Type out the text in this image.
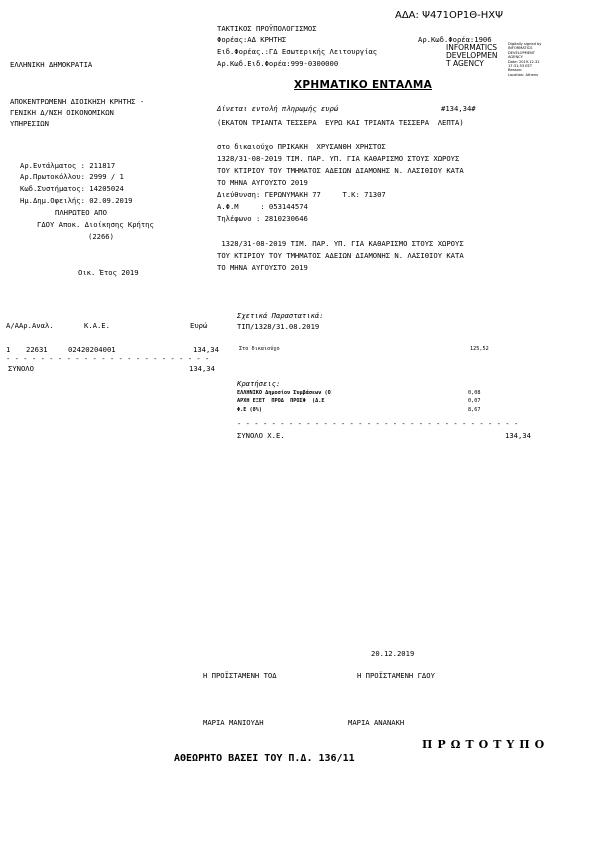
ΑΔΑ: Ψ471ΟΡ1Θ-ΗΧΨ
ΤΑΚΤΙΚΟΣ ΠΡΟΫΠΟΛΟΓΙΣΜΟΣ
Φορέας:ΑΔ ΚΡΗΤΗΣ	Αρ.Κωδ.Φορέα:1906
Ειδ.Φορέας.:ΓΔ Εσωτερικής Λειτουργίας
Αρ.Κωδ.Ειδ.Φορέα:999-0300000
ΕΛΛΗΝΙΚΗ ΔΗΜΟΚΡΑΤΙΑ
INFORMATICS
DEVELOPMEN
T AGENCY
Digitally signed by INFORMATICS DEVELOPMENT AGENCY
Date: 2019.12.31 17:31:53 EET
Reason:
Location: Athens
ΧΡΗΜΑΤΙΚΟ ΕΝΤΑΛΜΑ
ΑΠΟΚΕΝΤΡΩΜΕΝΗ ΔΙΟΙΚΗΣΗ ΚΡΗΤΗΣ -
ΓΕΝΙΚΗ Δ/ΝΣΗ ΟΙΚΟΝΟΜΙΚΩΝ
ΥΠΗΡΕΣΙΩΝ
Αρ.Εντάλματος : 211817
Αρ.Πρωτοκόλλου: 2999 / 1
Κωδ.Συστήματος: 14205024
Ημ.Δημ.Οφειλής: 02.09.2019
ΠΛΗΡΩΤΕΟ ΑΠΟ
ΓΔΟΥ Αποκ. Διοίκησης Κρήτης
(2266)
Οικ. Έτος 2019
Δίνεται εντολή πληρωμής ευρώ	#134,34#
(ΕΚΑΤΟΝ ΤΡΙΑΝΤΑ ΤΕΣΣΕΡΑ  ΕΥΡΩ ΚΑΙ ΤΡΙΑΝΤΑ ΤΕΣΣΕΡΑ  ΛΕΠΤΑ)
στο δικαιούχο ΠΡΙΚΑΚΗ  ΧΡΥΣΑΝΘΗ ΧΡΗΣΤΟΣ
1328/31-08-2019 ΤΙΜ. ΠΑΡ. ΥΠ. ΓΙΑ ΚΑΘΑΡΙΣΜΟ ΣΤΟΥΣ ΧΩΡΟΥΣ
ΤΟΥ ΚΤΙΡΙΟΥ ΤΟΥ ΤΜΗΜΑΤΟΣ ΑΔΕΙΩΝ ΔΙΑΜΟΝΗΣ Ν. ΛΑΣΙΘΙΟΥ ΚΑΤΑ
ΤΟ ΜΗΝΑ ΑΥΓΟΥΣΤΟ 2019
Διεύθυνση: ΓΕΡΩΝΥΜΑΚΗ 77     Τ.Κ: 71307
Α.Φ.Μ     : 053144574
Τηλέφωνο : 2810230646
1328/31-08-2019 ΤΙΜ. ΠΑΡ. ΥΠ. ΓΙΑ ΚΑΘΑΡΙΣΜΟ ΣΤΟΥΣ ΧΩΡΟΥΣ
ΤΟΥ ΚΤΙΡΙΟΥ ΤΟΥ ΤΜΗΜΑΤΟΣ ΑΔΕΙΩΝ ΔΙΑΜΟΝΗΣ Ν. ΛΑΣΙΘΙΟΥ ΚΑΤΑ
ΤΟ ΜΗΝΑ ΑΥΓΟΥΣΤΟ 2019
Σχετικά Παραστατικά:
ΤΙΠ/1328/31.08.2019
Α/ΑΑρ.Αναλ.	Κ.Α.Ε.	Ευρώ
1 22631	02420204001	134,34
- - - - - - - - - - - - - - - - - - - - - - - -
ΣΥΝΟΛΟ	134,34
Στο δικαιούχο	125,52
Κρατήσεις:
ΕΛΛΗΝΙΚΟ Δημοσίου Συμβάσεων (Ο	0,08
ΑΡΧΗ ΕΞΕΤ  ΠΡΟΔ  ΠΡΟΣΦ  (Δ.Ε	0,07
Φ.Ε (8%)	8,67
- - - - - - - - - - - - - - - - - - - - - - - - - - - - - - - - -
ΣΥΝΟΛΟ Χ.Ε.	134,34
20.12.2019
Η ΠΡΟΪΣΤΑΜΕΝΗ ΤΟΔ	Η ΠΡΟΪΣΤΑΜΕΝΗ ΓΔΟΥ
ΜΑΡΙΑ ΜΑΝΙΟΥΔΗ	ΜΑΡΙΑ ΑΝΑΝΑΚΗ
ΠΡΩΤΟΤΥΠΟ
ΑΘΕΩΡΗΤΟ ΒΑΣΕΙ ΤΟΥ Π.Δ. 136/11
